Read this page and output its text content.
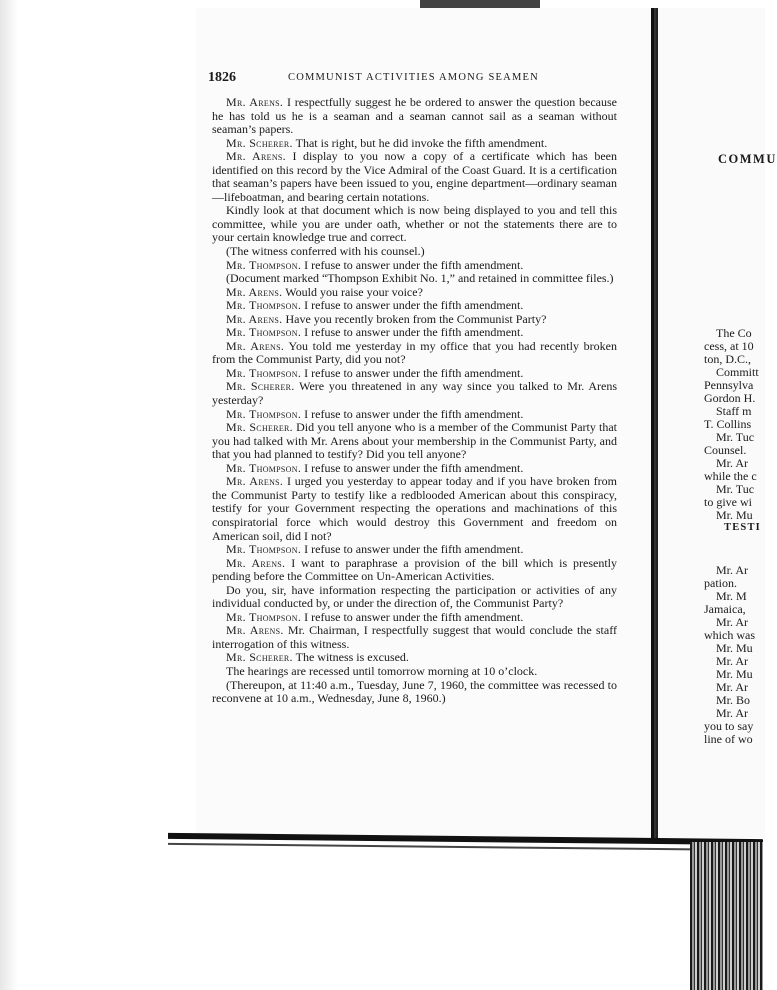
COMMU
TESTI
The Co
cess, at 10
ton, D.C.,
Committ
Pennsylva
Gordon H.
Staff m
T. Collins
Mr. Tuc
Counsel.
Mr. Ar
while the c
Mr. Tuc
to give wi
Mr. Mu
Mr. Ar
pation.
Mr. M
Jamaica,
Mr. Ar
which was
Mr. Mu
Mr. Ar
Mr. Mu
Mr. Ar
Mr. Bo
Mr. Ar
you to say
line of wo
1826	COMMUNIST ACTIVITIES AMONG SEAMEN

Mr. Arens. I respectfully suggest he be ordered to answer the question because he has told us he is a seaman and a seaman cannot sail as a seaman without seaman’s papers.

Mr. Scherer. That is right, but he did invoke the fifth amendment.

Mr. Arens. I display to you now a copy of a certificate which has been identified on this record by the Vice Admiral of the Coast Guard. It is a certification that seaman’s papers have been issued to you, engine department—ordinary seaman—lifeboatman, and bearing certain notations.

Kindly look at that document which is now being displayed to you and tell this committee, while you are under oath, whether or not the statements there are to your certain knowledge true and correct.

(The witness conferred with his counsel.)

Mr. Thompson. I refuse to answer under the fifth amendment.

(Document marked “Thompson Exhibit No. 1,” and retained in committee files.)

Mr. Arens. Would you raise your voice?

Mr. Thompson. I refuse to answer under the fifth amendment.

Mr. Arens. Have you recently broken from the Communist Party?

Mr. Thompson. I refuse to answer under the fifth amendment.

Mr. Arens. You told me yesterday in my office that you had recently broken from the Communist Party, did you not?

Mr. Thompson. I refuse to answer under the fifth amendment.

Mr. Scherer. Were you threatened in any way since you talked to Mr. Arens yesterday?

Mr. Thompson. I refuse to answer under the fifth amendment.

Mr. Scherer. Did you tell anyone who is a member of the Communist Party that you had talked with Mr. Arens about your membership in the Communist Party, and that you had planned to testify? Did you tell anyone?

Mr. Thompson. I refuse to answer under the fifth amendment.

Mr. Arens. I urged you yesterday to appear today and if you have broken from the Communist Party to testify like a redblooded American about this conspiracy, testify for your Government respecting the operations and machinations of this conspiratorial force which would destroy this Government and freedom on American soil, did I not?

Mr. Thompson. I refuse to answer under the fifth amendment.

Mr. Arens. I want to paraphrase a provision of the bill which is presently pending before the Committee on Un-American Activities.

Do you, sir, have information respecting the participation or activities of any individual conducted by, or under the direction of, the Communist Party?

Mr. Thompson. I refuse to answer under the fifth amendment.

Mr. Arens. Mr. Chairman, I respectfully suggest that would conclude the staff interrogation of this witness.

Mr. Scherer. The witness is excused.

The hearings are recessed until tomorrow morning at 10 o’clock.

(Thereupon, at 11:40 a.m., Tuesday, June 7, 1960, the committee was recessed to reconvene at 10 a.m., Wednesday, June 8, 1960.)
